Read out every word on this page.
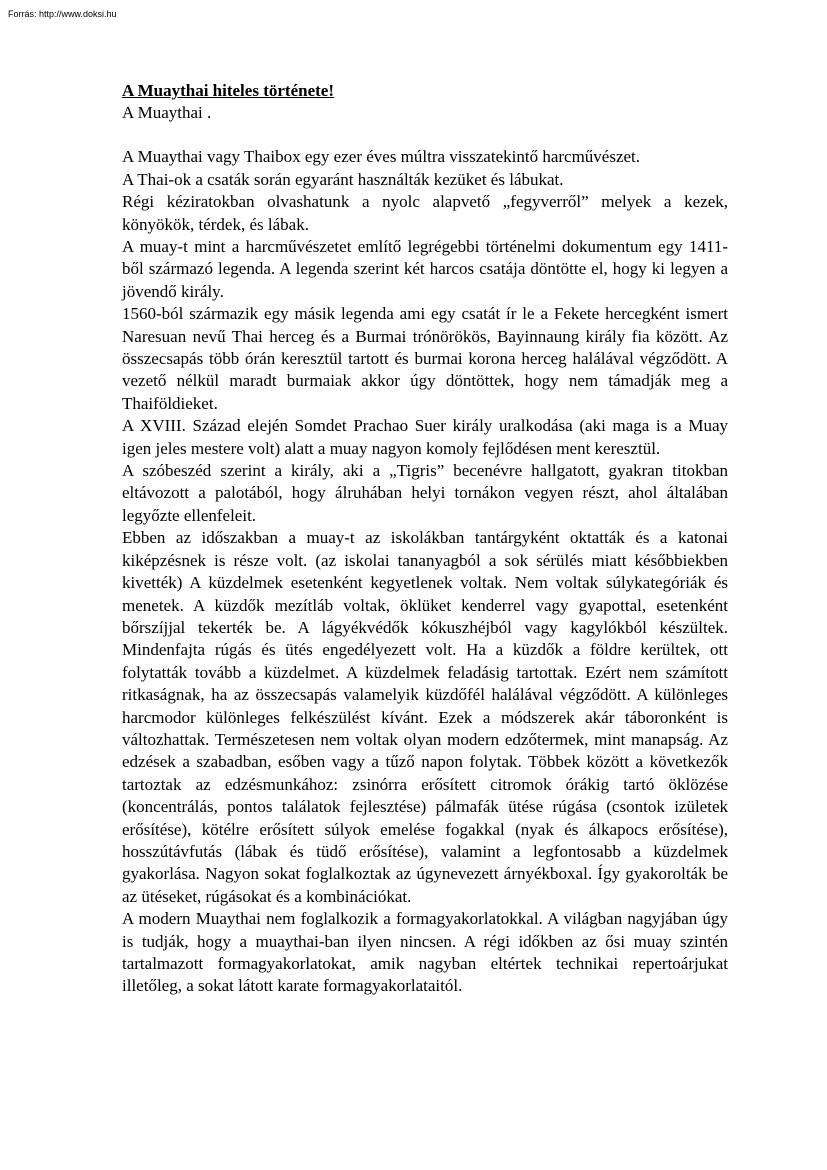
Forrás: http://www.doksi.hu
A Muaythai hiteles története!

A Muaythai .

A Muaythai vagy Thaibox egy ezer éves múltra visszatekintő harcművészet.

A Thai-ok a csaták során egyaránt használták kezüket és lábukat.

Régi kéziratokban olvashatunk a nyolc alapvető „fegyverről” melyek a kezek, könyökök, térdek, és lábak.

A muay-t mint a harcművészetet említő legrégebbi történelmi dokumentum egy 1411-ből származó legenda. A legenda szerint két harcos csatája döntötte el, hogy ki legyen a jövendő király.

1560-ból származik egy másik legenda ami egy csatát ír le a Fekete hercegként ismert Naresuan nevű Thai herceg és a Burmai trónörökös, Bayinnaung király fia között. Az összecsapás több órán keresztül tartott és burmai korona herceg halálával végződött. A vezető nélkül maradt burmaiak akkor úgy döntöttek, hogy nem támadják meg a Thaiföldieket.

A XVIII. Század elején Somdet Prachao Suer király uralkodása (aki maga is a Muay igen jeles mestere volt) alatt a muay nagyon komoly fejlődésen ment keresztül.

A szóbeszéd szerint a király, aki a „Tigris” becenévre hallgatott, gyakran titokban eltávozott a palotából, hogy álruhában helyi tornákon vegyen részt, ahol általában legyőzte ellenfeleit.

Ebben az időszakban a muay-t az iskolákban tantárgyként oktatták és a katonai kiképzésnek is része volt. (az iskolai tananyagból a sok sérülés miatt későbbiekben kivették) A küzdelmek esetenként kegyetlenek voltak. Nem voltak súlykategóriák és menetek. A küzdők mezítláb voltak, öklüket kenderrel vagy gyapottal, esetenként bőrszíjjal tekerték be. A lágyékvédők kókuszhéjból vagy kagylókból készültek. Mindenfajta rúgás és ütés engedélyezett volt. Ha a küzdők a földre kerültek, ott folytatták tovább a küzdelmet. A küzdelmek feladásig tartottak. Ezért nem számított ritkaságnak, ha az összecsapás valamelyik küzdőfél halálával végződött. A különleges harcmodor különleges felkészülést kívánt. Ezek a módszerek akár táboronként is változhattak. Természetesen nem voltak olyan modern edzőtermek, mint manapság. Az edzések a szabadban, esőben vagy a tűző napon folytak. Többek között a következők tartoztak az edzésmunkához: zsinórra erősített citromok órákig tartó öklözése (koncentrálás, pontos találatok fejlesztése) pálmafák ütése rúgása (csontok izületek erősítése), kötélre erősített súlyok emelése fogakkal (nyak és álkapocs erősítése), hosszútávfutás (lábak és tüdő erősítése), valamint a legfontosabb a küzdelmek gyakorlása. Nagyon sokat foglalkoztak az úgynevezett árnyékboxal. Így gyakorolták be az ütéseket, rúgásokat és a kombinációkat.

A modern Muaythai nem foglalkozik a formagyakorlatokkal. A világban nagyjában úgy is tudják, hogy a muaythai-ban ilyen nincsen. A régi időkben az ősi muay szintén tartalmazott formagyakorlatokat, amik nagyban eltértek technikai repertoárjukat illetőleg, a sokat látott karate formagyakorlataitól.
